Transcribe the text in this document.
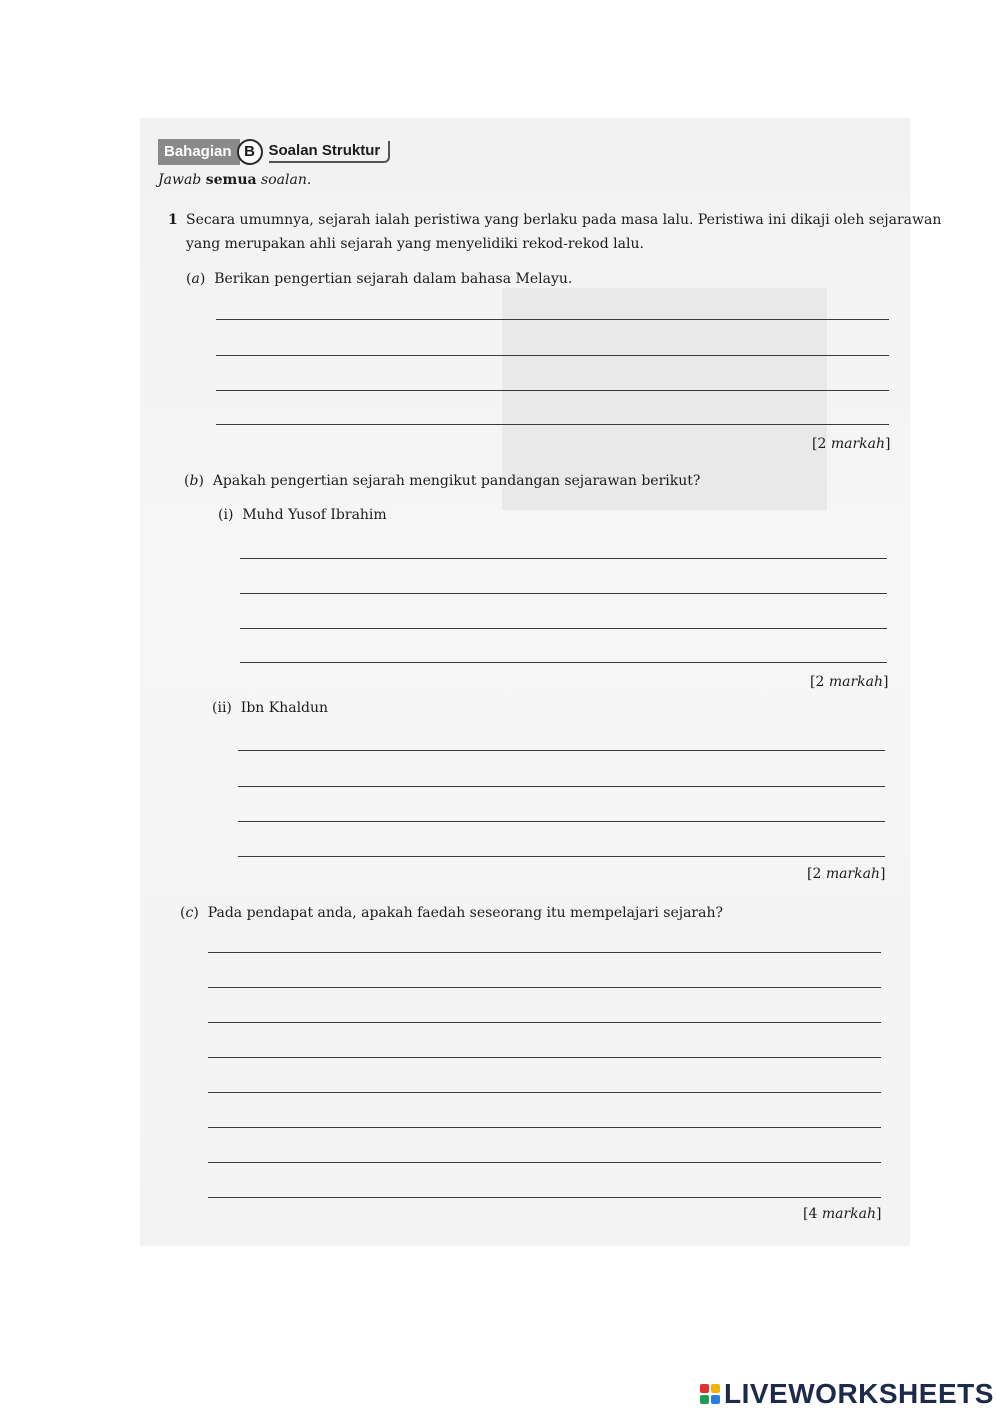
Bahagian B Soalan Struktur
Jawab semua soalan.
1 Secara umumnya, sejarah ialah peristiwa yang berlaku pada masa lalu. Peristiwa ini dikaji oleh sejarawan
yang merupakan ahli sejarah yang menyelidiki rekod-rekod lalu.
(a)  Berikan pengertian sejarah dalam bahasa Melayu.
[2 markah]
(b)  Apakah pengertian sejarah mengikut pandangan sejarawan berikut?
(i) Muhd Yusof Ibrahim
[2 markah]
(ii) Ibn Khaldun
[2 markah]
(c)  Pada pendapat anda, apakah faedah seseorang itu mempelajari sejarah?
[4 markah]
LIVEWORKSHEETS
